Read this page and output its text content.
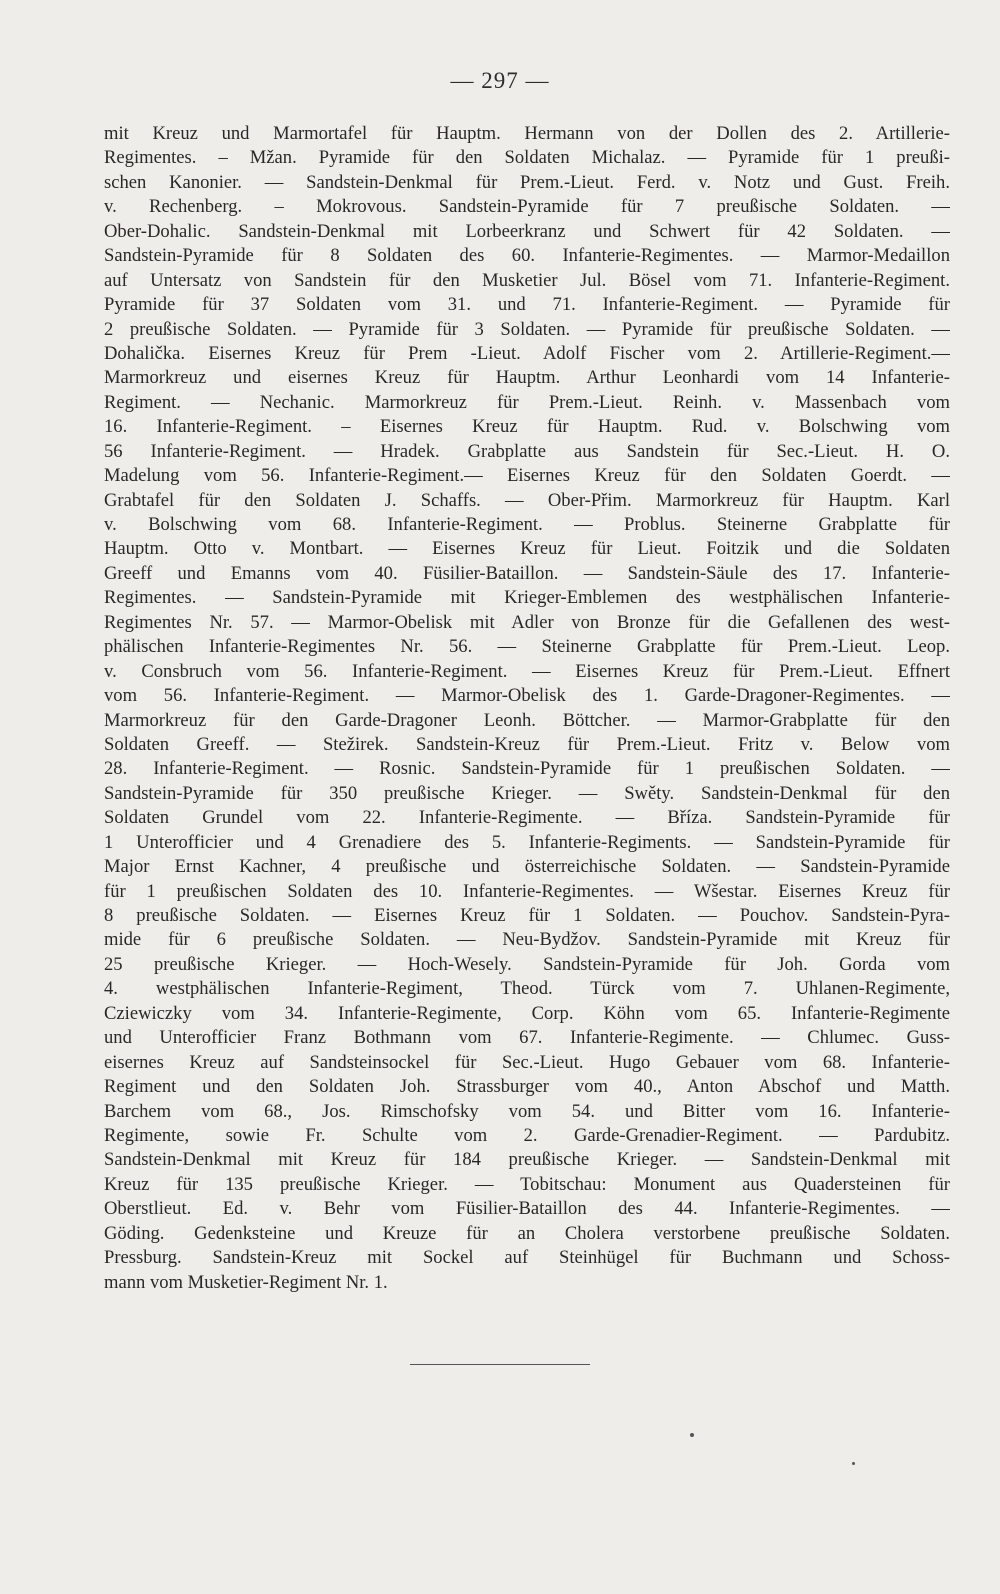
— 297 —
mit Kreuz und Marmortafel für Hauptm. Hermann von der Dollen des 2. Artillerie-
Regimentes. – Mžan. Pyramide für den Soldaten Michalaz. — Pyramide für 1 preußi-
schen Kanonier. — Sandstein-Denkmal für Prem.-Lieut. Ferd. v. Notz und Gust. Freih.
v. Rechenberg. – Mokrovous. Sandstein-Pyramide für 7 preußische Soldaten. —
Ober-Dohalic. Sandstein-Denkmal mit Lorbeerkranz und Schwert für 42 Soldaten. —
Sandstein-Pyramide für 8 Soldaten des 60. Infanterie-Regimentes. — Marmor-Medaillon
auf Untersatz von Sandstein für den Musketier Jul. Bösel vom 71. Infanterie-Regiment.
Pyramide für 37 Soldaten vom 31. und 71. Infanterie-Regiment. — Pyramide für
2 preußische Soldaten. — Pyramide für 3 Soldaten. — Pyramide für preußische Soldaten. —
Dohalička. Eisernes Kreuz für Prem -Lieut. Adolf Fischer vom 2. Artillerie-Regiment.—
Marmorkreuz und eisernes Kreuz für Hauptm. Arthur Leonhardi vom 14 Infanterie-
Regiment. — Nechanic. Marmorkreuz für Prem.-Lieut. Reinh. v. Massenbach vom
16. Infanterie-Regiment. – Eisernes Kreuz für Hauptm. Rud. v. Bolschwing vom
56 Infanterie-Regiment. — Hradek. Grabplatte aus Sandstein für Sec.-Lieut. H. O.
Madelung vom 56. Infanterie-Regiment.— Eisernes Kreuz für den Soldaten Goerdt. —
Grabtafel für den Soldaten J. Schaffs. — Ober-Přim. Marmorkreuz für Hauptm. Karl
v. Bolschwing vom 68. Infanterie-Regiment. — Problus. Steinerne Grabplatte für
Hauptm. Otto v. Montbart. — Eisernes Kreuz für Lieut. Foitzik und die Soldaten
Greeff und Emanns vom 40. Füsilier-Bataillon. — Sandstein-Säule des 17. Infanterie-
Regimentes. — Sandstein-Pyramide mit Krieger-Emblemen des westphälischen Infanterie-
Regimentes Nr. 57. — Marmor-Obelisk mit Adler von Bronze für die Gefallenen des west-
phälischen Infanterie-Regimentes Nr. 56. — Steinerne Grabplatte für Prem.-Lieut. Leop.
v. Consbruch vom 56. Infanterie-Regiment. — Eisernes Kreuz für Prem.-Lieut. Effnert
vom 56. Infanterie-Regiment. — Marmor-Obelisk des 1. Garde-Dragoner-Regimentes. —
Marmorkreuz für den Garde-Dragoner Leonh. Böttcher. — Marmor-Grabplatte für den
Soldaten Greeff. — Stežirek. Sandstein-Kreuz für Prem.-Lieut. Fritz v. Below vom
28. Infanterie-Regiment. — Rosnic. Sandstein-Pyramide für 1 preußischen Soldaten. —
Sandstein-Pyramide für 350 preußische Krieger. — Swěty. Sandstein-Denkmal für den
Soldaten Grundel vom 22. Infanterie-Regimente. — Bříza. Sandstein-Pyramide für
1 Unterofficier und 4 Grenadiere des 5. Infanterie-Regiments. — Sandstein-Pyramide für
Major Ernst Kachner, 4 preußische und österreichische Soldaten. — Sandstein-Pyramide
für 1 preußischen Soldaten des 10. Infanterie-Regimentes. — Wšestar. Eisernes Kreuz für
8 preußische Soldaten. — Eisernes Kreuz für 1 Soldaten. — Pouchov. Sandstein-Pyra-
mide für 6 preußische Soldaten. — Neu-Bydžov. Sandstein-Pyramide mit Kreuz für
25 preußische Krieger. — Hoch-Wesely. Sandstein-Pyramide für Joh. Gorda vom
4. westphälischen Infanterie-Regiment, Theod. Türck vom 7. Uhlanen-Regimente,
Cziewiczky vom 34. Infanterie-Regimente, Corp. Köhn vom 65. Infanterie-Regimente
und Unterofficier Franz Bothmann vom 67. Infanterie-Regimente. — Chlumec. Guss-
eisernes Kreuz auf Sandsteinsockel für Sec.-Lieut. Hugo Gebauer vom 68. Infanterie-
Regiment und den Soldaten Joh. Strassburger vom 40., Anton Abschof und Matth.
Barchem vom 68., Jos. Rimschofsky vom 54. und Bitter vom 16. Infanterie-
Regimente, sowie Fr. Schulte vom 2. Garde-Grenadier-Regiment. — Pardubitz.
Sandstein-Denkmal mit Kreuz für 184 preußische Krieger. — Sandstein-Denkmal mit
Kreuz für 135 preußische Krieger. — Tobitschau: Monument aus Quadersteinen für
Oberstlieut. Ed. v. Behr vom Füsilier-Bataillon des 44. Infanterie-Regimentes. —
Göding. Gedenksteine und Kreuze für an Cholera verstorbene preußische Soldaten.
Pressburg. Sandstein-Kreuz mit Sockel auf Steinhügel für Buchmann und Schoss-
mann vom Musketier-Regiment Nr. 1.
